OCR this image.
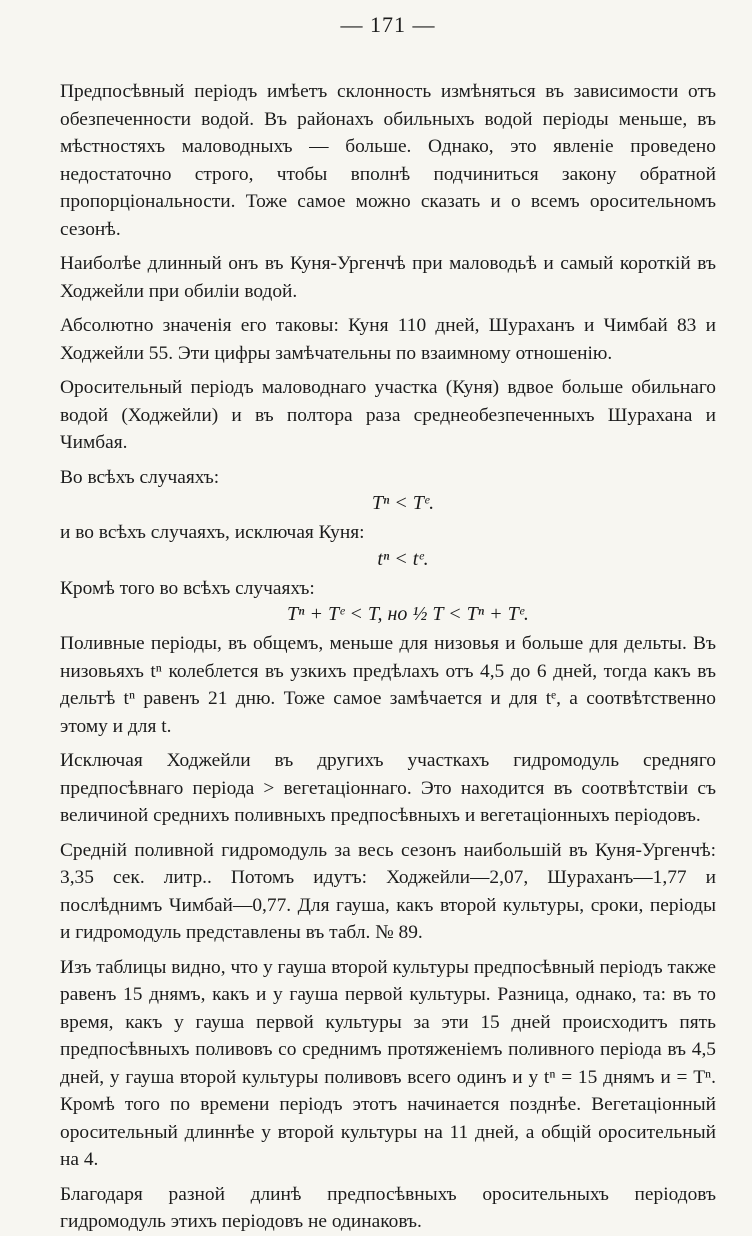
— 171 —

Предпосѣвный періодъ имѣетъ склонность измѣняться въ зависимости отъ обезпеченности водой. Въ районахъ обильныхъ водой періоды меньше, въ мѣстностяхъ маловодныхъ — больше. Однако, это явленіе проведено недостаточно строго, чтобы вполнѣ подчиниться закону обратной пропорціональности. Тоже самое можно сказать и о всемъ оросительномъ сезонѣ.

Наиболѣе длинный онъ въ Куня-Ургенчѣ при маловодьѣ и самый короткій въ Ходжейли при обиліи водой.

Абсолютно значенія его таковы: Куня 110 дней, Шураханъ и Чимбай 83 и Ходжейли 55. Эти цифры замѣчательны по взаимному отношенію.

Оросительный періодъ маловоднаго участка (Куня) вдвое больше обильнаго водой (Ходжейли) и въ полтора раза среднеобезпеченныхъ Шурахана и Чимбая.

Во всѣхъ случаяхъ:

Tⁿ < Tᵉ.

и во всѣхъ случаяхъ, исключая Куня:

tⁿ < tᵉ.

Кромѣ того во всѣхъ случаяхъ:

Tⁿ + Tᵉ < T, но ½ T < Tⁿ + Tᵉ.

Поливные періоды, въ общемъ, меньше для низовья и больше для дельты. Въ низовьяхъ tⁿ колеблется въ узкихъ предѣлахъ отъ 4,5 до 6 дней, тогда какъ въ дельтѣ tⁿ равенъ 21 дню. Тоже самое замѣчается и для tᵉ, а соотвѣтственно этому и для t.

Исключая Ходжейли въ другихъ участкахъ гидромодуль средняго предпосѣвнаго періода > вегетаціоннаго. Это находится въ соотвѣтствіи съ величиной среднихъ поливныхъ предпосѣвныхъ и вегетаціонныхъ періодовъ.

Средній поливной гидромодуль за весь сезонъ наибольшій въ Куня-Ургенчѣ: 3,35 сек. литр.. Потомъ идутъ: Ходжейли—2,07, Шураханъ—1,77 и послѣднимъ Чимбай—0,77. Для гауша, какъ второй культуры, сроки, періоды и гидромодуль представлены въ табл. № 89.

Изъ таблицы видно, что у гауша второй культуры предпосѣвный періодъ также равенъ 15 днямъ, какъ и у гауша первой культуры. Разница, однако, та: въ то время, какъ у гауша первой культуры за эти 15 дней происходитъ пять предпосѣвныхъ поливовъ со среднимъ протяженіемъ поливного періода въ 4,5 дней, у гауша второй культуры поливовъ всего одинъ и у tⁿ = 15 днямъ и = Tⁿ. Кромѣ того по времени періодъ этотъ начинается позднѣе. Вегетаціонный оросительный длиннѣе у второй культуры на 11 дней, а общій оросительный на 4.

Благодаря разной длинѣ предпосѣвныхъ оросительныхъ періодовъ гидромодуль этихъ періодовъ не одинаковъ.
